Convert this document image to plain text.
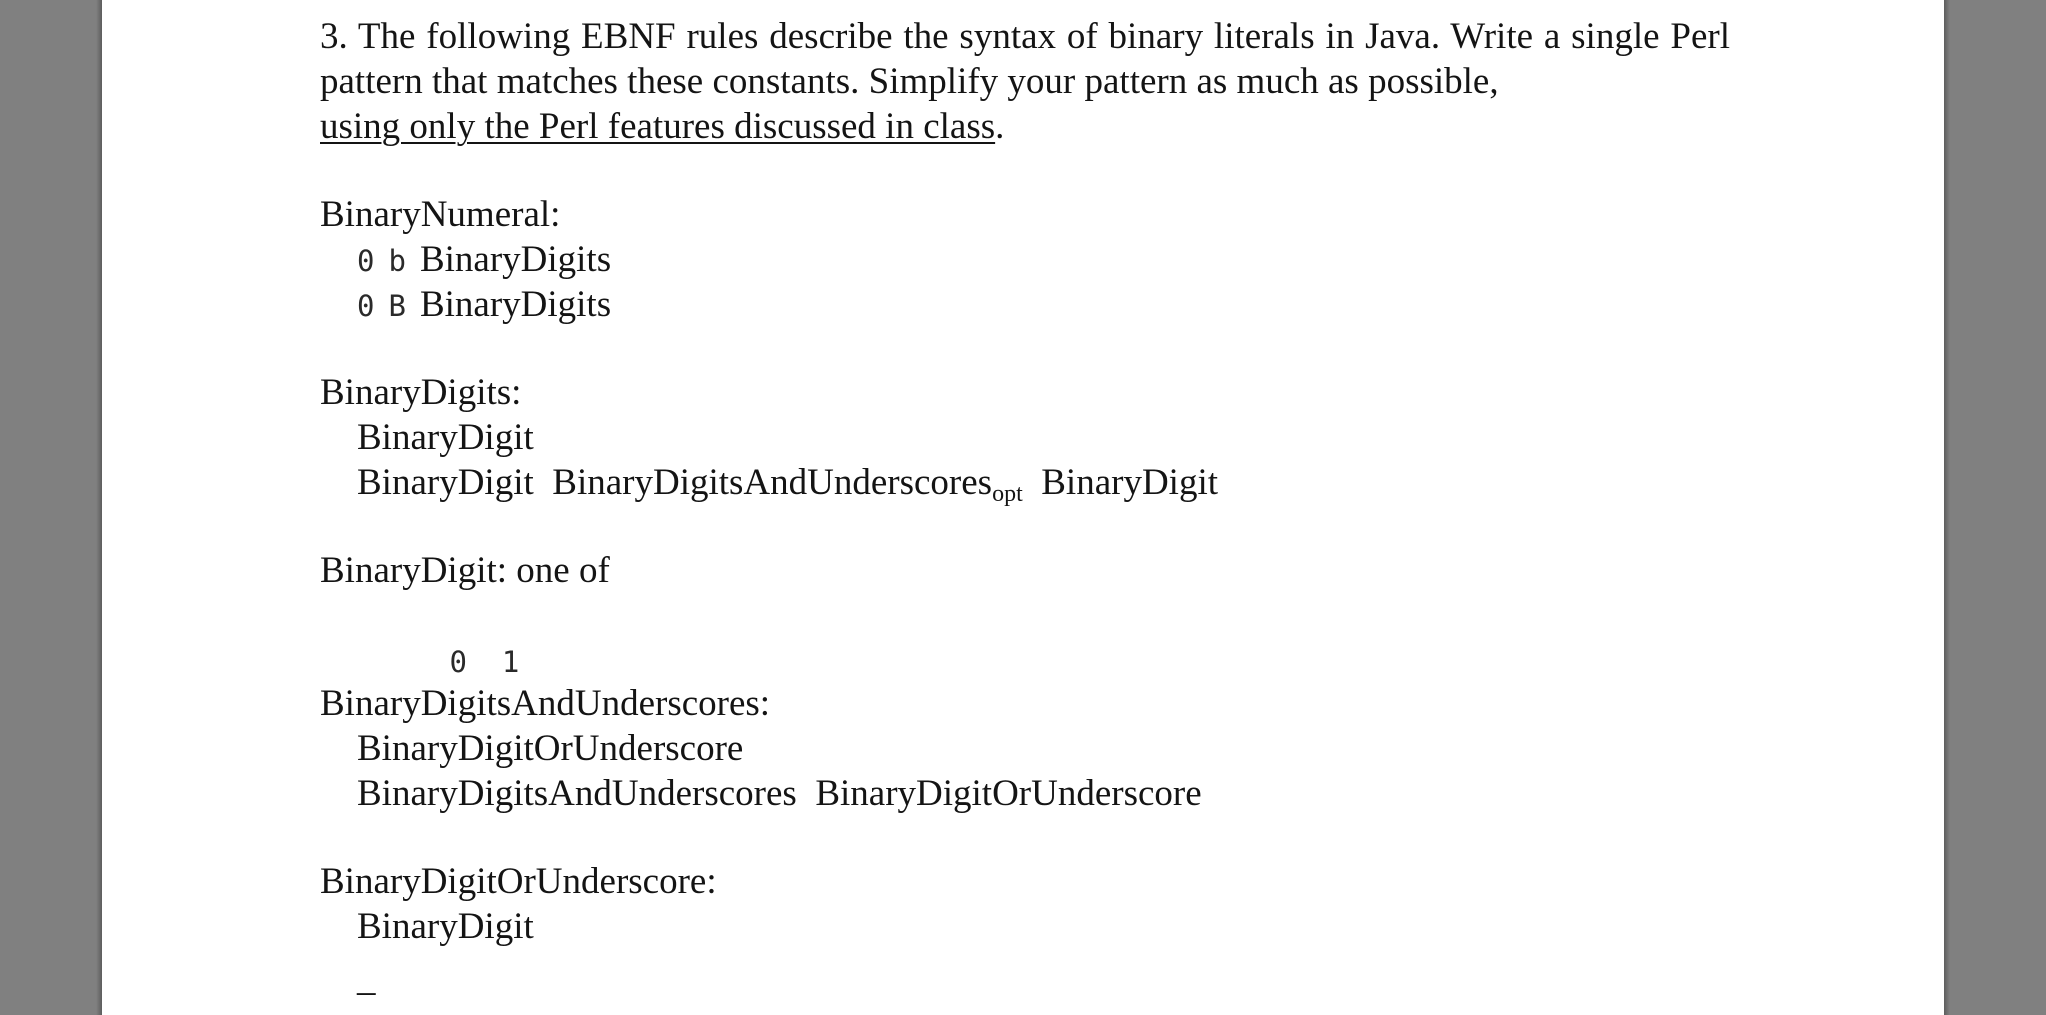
3. The following EBNF rules describe the syntax of binary literals in Java. Write a single Perl pattern that matches these constants. Simplify your pattern as much as possible,
using only the Perl features discussed in class.

BinaryNumeral:
0 b BinaryDigits
0 B BinaryDigits
BinaryDigits:
BinaryDigit
BinaryDigit BinaryDigitsAndUnderscoresopt BinaryDigit
BinaryDigit: one of

0  1

BinaryDigitsAndUnderscores:
BinaryDigitOrUnderscore
BinaryDigitsAndUnderscores BinaryDigitOrUnderscore
BinaryDigitOrUnderscore:
BinaryDigit
_
